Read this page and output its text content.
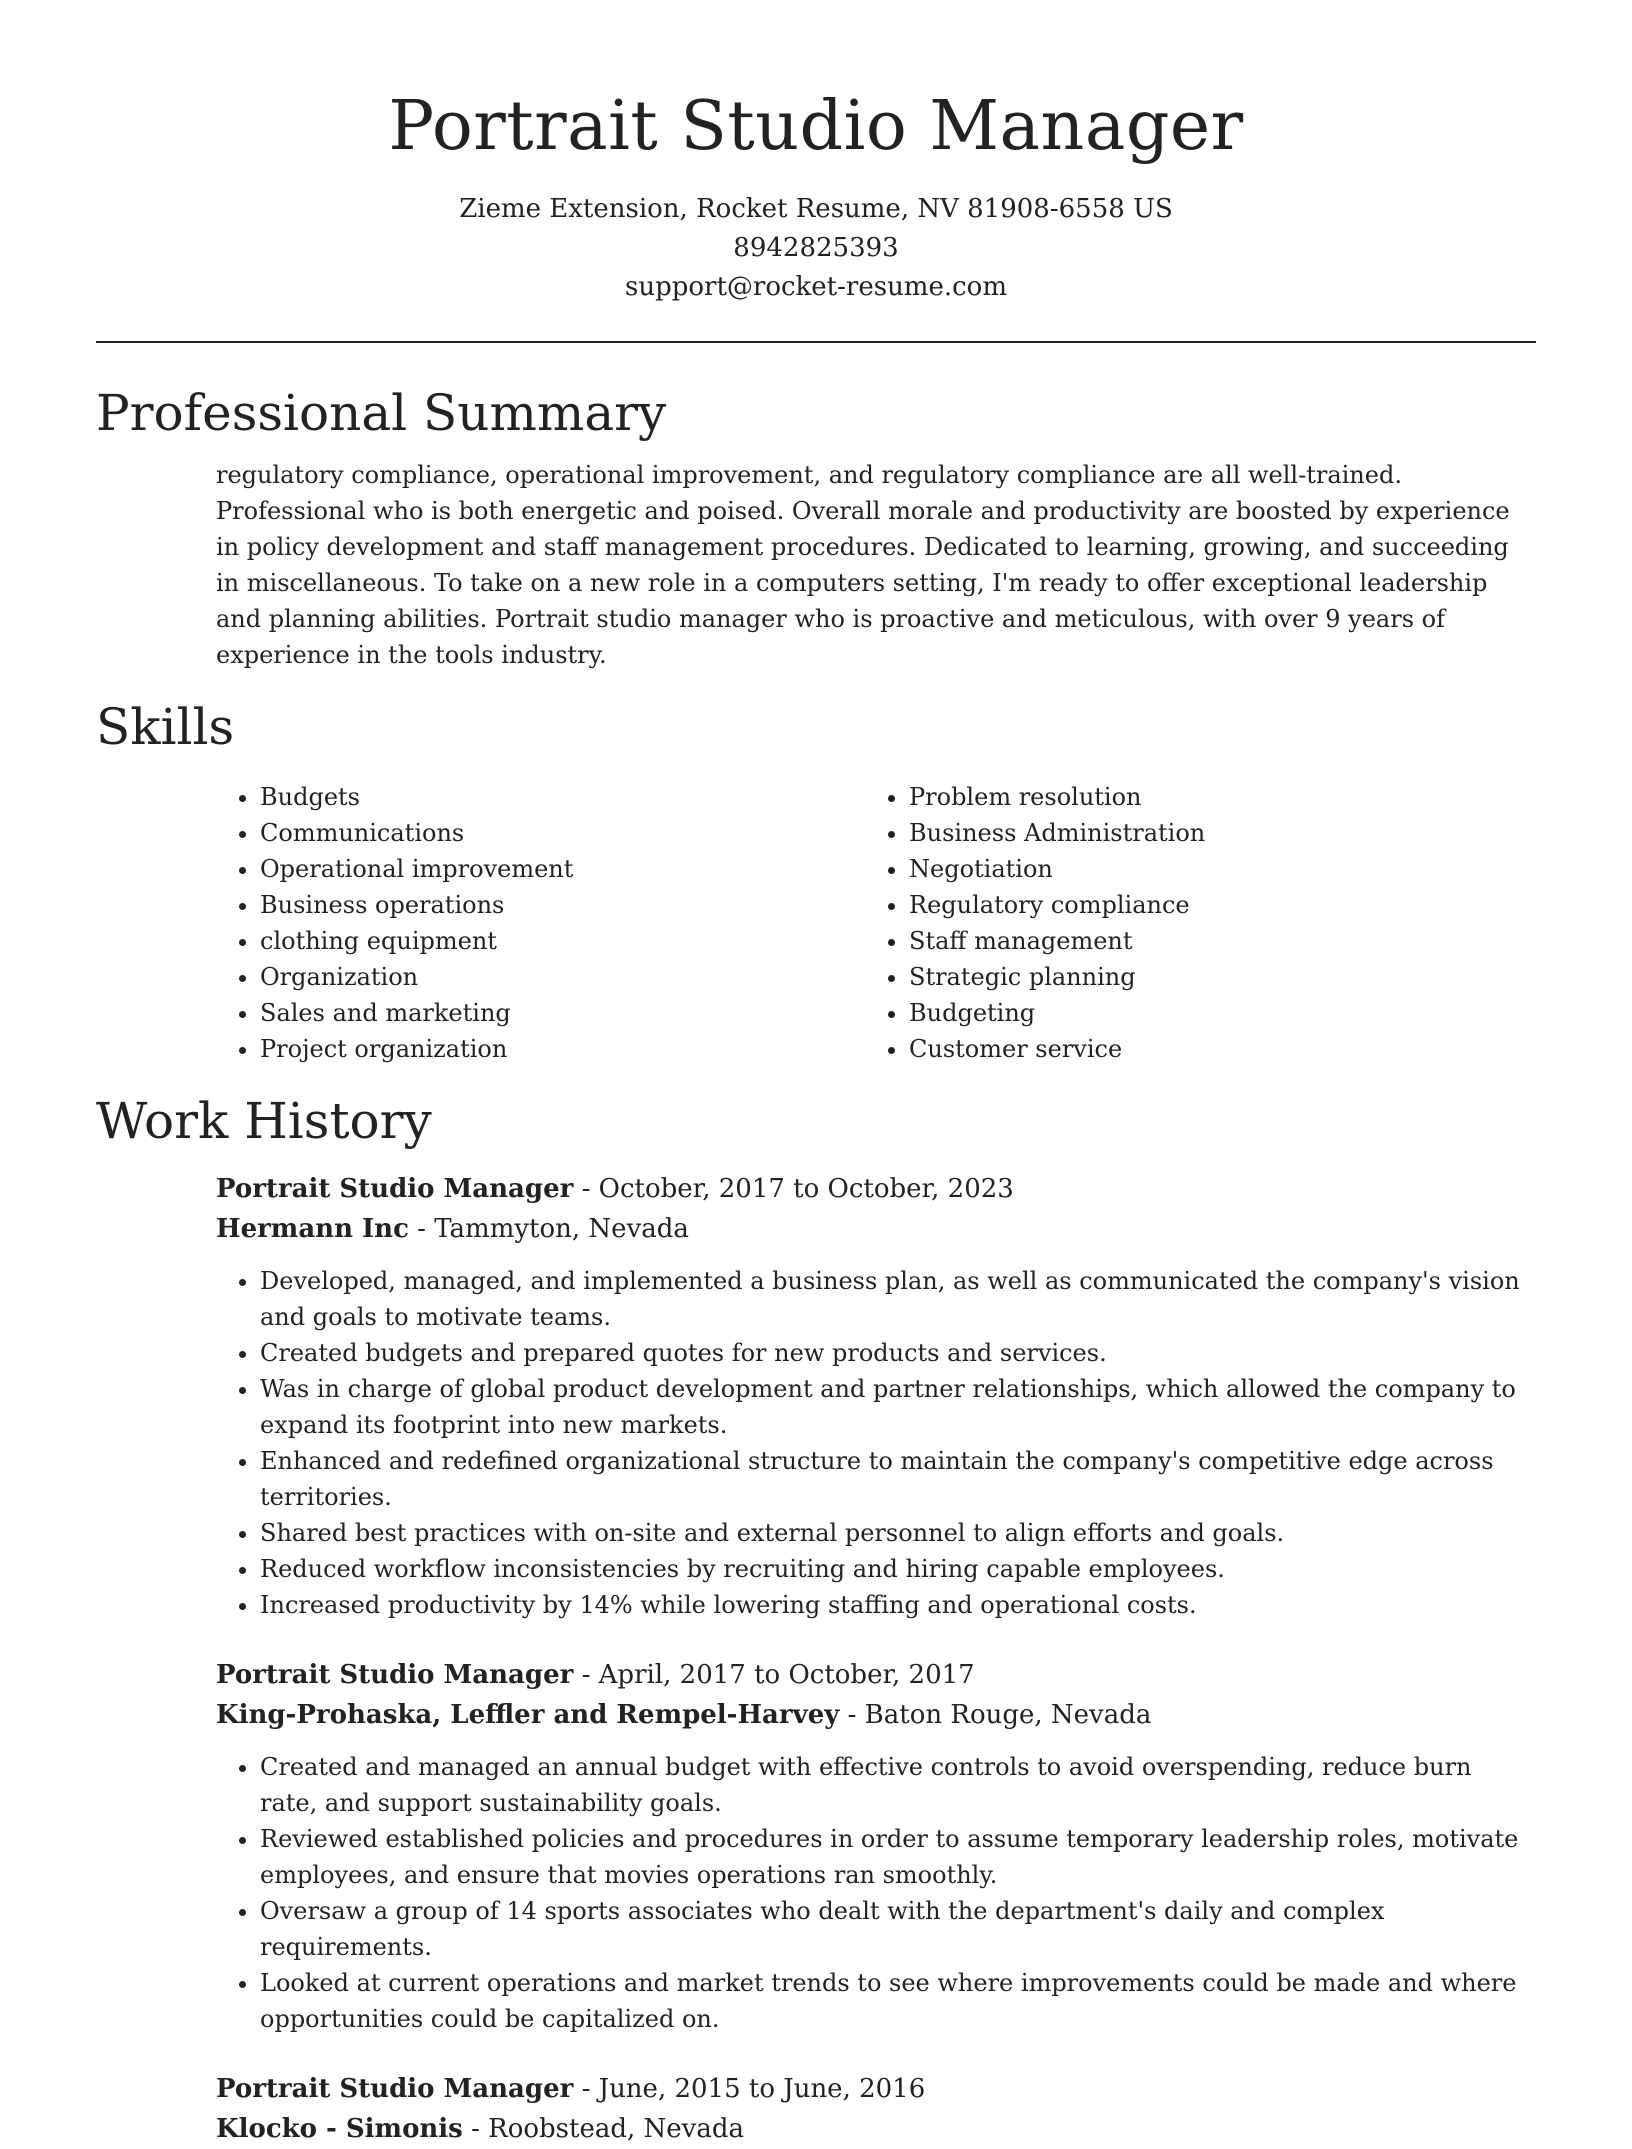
Portrait Studio Manager

Zieme Extension, Rocket Resume, NV 81908-6558 US

8942825393

support@rocket-resume.com

Professional Summary

regulatory compliance, operational improvement, and regulatory compliance are all well-trained. Professional who is both energetic and poised. Overall morale and productivity are boosted by experience in policy development and staff management procedures. Dedicated to learning, growing, and succeeding in miscellaneous. To take on a new role in a computers setting, I'm ready to offer exceptional leadership and planning abilities. Portrait studio manager who is proactive and meticulous, with over 9 years of experience in the tools industry.

Skills
• Budgets
• Communications
• Operational improvement
• Business operations
• clothing equipment
• Organization
• Sales and marketing
• Project organization
• Problem resolution
• Business Administration
• Negotiation
• Regulatory compliance
• Staff management
• Strategic planning
• Budgeting
• Customer service
Work History

Portrait Studio Manager - October, 2017 to October, 2023

Hermann Inc - Tammyton, Nevada

• Developed, managed, and implemented a business plan, as well as communicated the company's vision and goals to motivate teams.
• Created budgets and prepared quotes for new products and services.
• Was in charge of global product development and partner relationships, which allowed the company to expand its footprint into new markets.
• Enhanced and redefined organizational structure to maintain the company's competitive edge across territories.
• Shared best practices with on-site and external personnel to align efforts and goals.
• Reduced workflow inconsistencies by recruiting and hiring capable employees.
• Increased productivity by 14% while lowering staffing and operational costs.

Portrait Studio Manager - April, 2017 to October, 2017

King-Prohaska, Leffler and Rempel-Harvey - Baton Rouge, Nevada

• Created and managed an annual budget with effective controls to avoid overspending, reduce burn rate, and support sustainability goals.
• Reviewed established policies and procedures in order to assume temporary leadership roles, motivate employees, and ensure that movies operations ran smoothly.
• Oversaw a group of 14 sports associates who dealt with the department's daily and complex requirements.
• Looked at current operations and market trends to see where improvements could be made and where opportunities could be capitalized on.

Portrait Studio Manager - June, 2015 to June, 2016

Klocko - Simonis - Roobstead, Nevada
